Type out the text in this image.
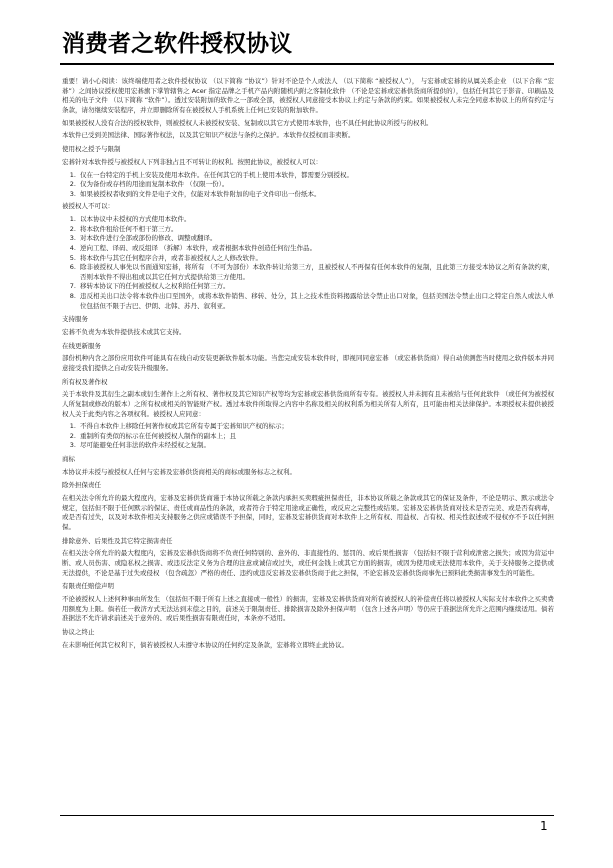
消费者之软件授权协议

重要！请小心阅读：该终端使用者之软件授权协议 （以下简称 “协议”）针对不论是个人或法人 （以下简称 “被授权人”）， 与宏碁或宏碁的从属关系企业 （以下合称 “宏碁”）之间协议授权使用宏碁旗下掌管辖售之 Acer 指定品牌之手机产品内附随机内附之客制化软件 （不论是宏碁或宏碁供货商所提供的），包括任何其它于影音、印刷品及相关的电子文件 （以下简称 “软件”）。透过安装附加的软件之一部或全部，被授权人同意接受本协议上约定与条款的约束。如果被授权人未完全同意本协议上的所有约定与条款，请勿继续安装程序，并立即删除所有在被授权人手机系统上任何已安装的附加软件。

如果被授权人没有合法的授权软件，则被授权人未被授权安装、复制或以其它方式使用本软件，也不具任何此协议所授与的权利。

本软件已受到美国法律、国际著作权法，以及其它知识产权法与条约之保护。本软件仅授权而非卖断。

使用权之授予与限制

宏碁针对本软件授与被授权人下列非独占且不可转让的权利。按照此协议，被授权人可以：

1. 仅在一台特定的手机上安装及使用本软件。在任何其它的手机上使用本软件，都需要分别授权。
2. 仅为备份或存档的用途而复制本软件 （仅限一份）。
3. 如果被授权者收到的文件是电子文件，仅能对本软件附加的电子文件印出一份纸本。

被授权人不可以：

1. 以本协议中未授权的方式使用本软件。
2. 将本软件租给任何不相干第三方。
3. 对本软件进行全部或部份的修改、调整或翻译。
4. 逆向工程、译码、或反组译 （拆解）本软件，或者根据本软件创造任何衍生作品。
5. 将本软件与其它任何程序合并，或者非被授权人之人修改软件。
6. 除非被授权人事先以书面通知宏碁，将所有 （不可为部份）本软件转让给第三方，且被授权人不再保有任何本软件的复制，且此第三方接受本协议之所有条款约束，否则本软件不得出租或以其它任何方式提供给第三方使用。
7. 移转本协议下的任何被授权人之权利给任何第三方。
8. 违反相关出口法令将本软件出口至国外，或将本软件销售、移转、处分，其上之技术性资料揭露给法令禁止出口对象，包括美国法令禁止出口之特定自然人或法人单位包括但不限于古巴、伊朗、北韩、苏丹、叙利亚。

支持服务

宏碁不负责为本软件提供技术或其它支持。

在线更新服务

部份机种内含之部份应用软件可能具有在线自动安装更新软件版本功能。当您完成安装本软件时，即视同同意宏碁 （或宏碁供货商）得自动侦测您当时使用之软件版本并同意接受我们提供之自动安装升级服务。

所有权及著作权

关于本软件及其衍生之副本或衍生著作上之所有权、著作权及其它知识产权等均为宏碁或宏碁供货商所有专有。被授权人并未拥有且未被给与任何此软件 （或任何为被授权人所复制或修改的版本）之所有权或相关的智能财产权。透过本软件所取得之内容中名称及相关的权利系为相关所有人所有，且可能由相关法律保护。本项授权未提供被授权人关于此类内容之各项权利。被授权人应同意：

1. 不得自本软件上移除任何著作权或其它所有专属于宏碁知识产权的标示；
2. 重制所有类似的标示在任何被授权人制作的副本上；且
3. 尽可能避免任何非法的软件未经授权之复制。

商标

本协议并未授与被授权人任何与宏碁及宏碁供货商相关的商标或服务标志之权利。

除外担保责任

在相关法令所允许的最大程度内，宏碁及宏碁供货商谨于本协议所载之条款内承担买卖瑕疵担保责任，非本协议所载之条款或其它的保证及条件，不论是明示、默示或法令规定，包括但不限于任何默示的保证、责任或商品性的条款，或者符合于特定用途或正确性，或反应之完整性或结果。宏碁及宏碁供货商对技术是否完美、或是否有病毒，或是否有过失，以及对本软件相关支持服务之供应或错误不予担保，同时，宏碁及宏碁供货商对本软件上之所有权、用益权、占有权、相关性叙述或不侵权亦不予以任何担保。

排除意外、后果性及其它特定损害责任

在相关法令所允许的最大程度内，宏碁及宏碁供货商将不负责任何特别的、意外的、非直接性的、惩罚的、或后果性损害 （包括但不限于营利或泄密之损失；或因为营运中断、或人员伤害、或隐私权之损害、或违反法定义务为合理的注意或诚信或过失，或任何金钱上或其它方面的损害，或因为使用或无法使用本软件，关于支持服务之提供或无法提供，不论是基于过失或侵权 （包含疏忽）严格的责任、违约或违反宏碁及宏碁供货商于此之担保，不论宏碁及宏碁供货商事先已预料此类损害事发生的可能性。

有限责任赔偿声明

不论被授权人上述何种事由所发生 （包括但不限于所有上述之直接或一般性）的损害，宏碁及宏碁供货商对所有被授权人的补偿责任将以被授权人实际支付本软件之买卖费用额度为上限。倘若任一救济方式无法达到末偿之目的，前述关于限制责任、排除损害及除外担保声明 （包含上述各声明）等仍应于准据法所允许之范围内继续适用。倘若准据法不允许请求前述关于意外的、或后果性损害有限责任时，本条亦不适用。

协议之终止

在未影响任何其它权利下，倘若被授权人未遵守本协议的任何约定及条款，宏碁将立即终止此协议。

1
